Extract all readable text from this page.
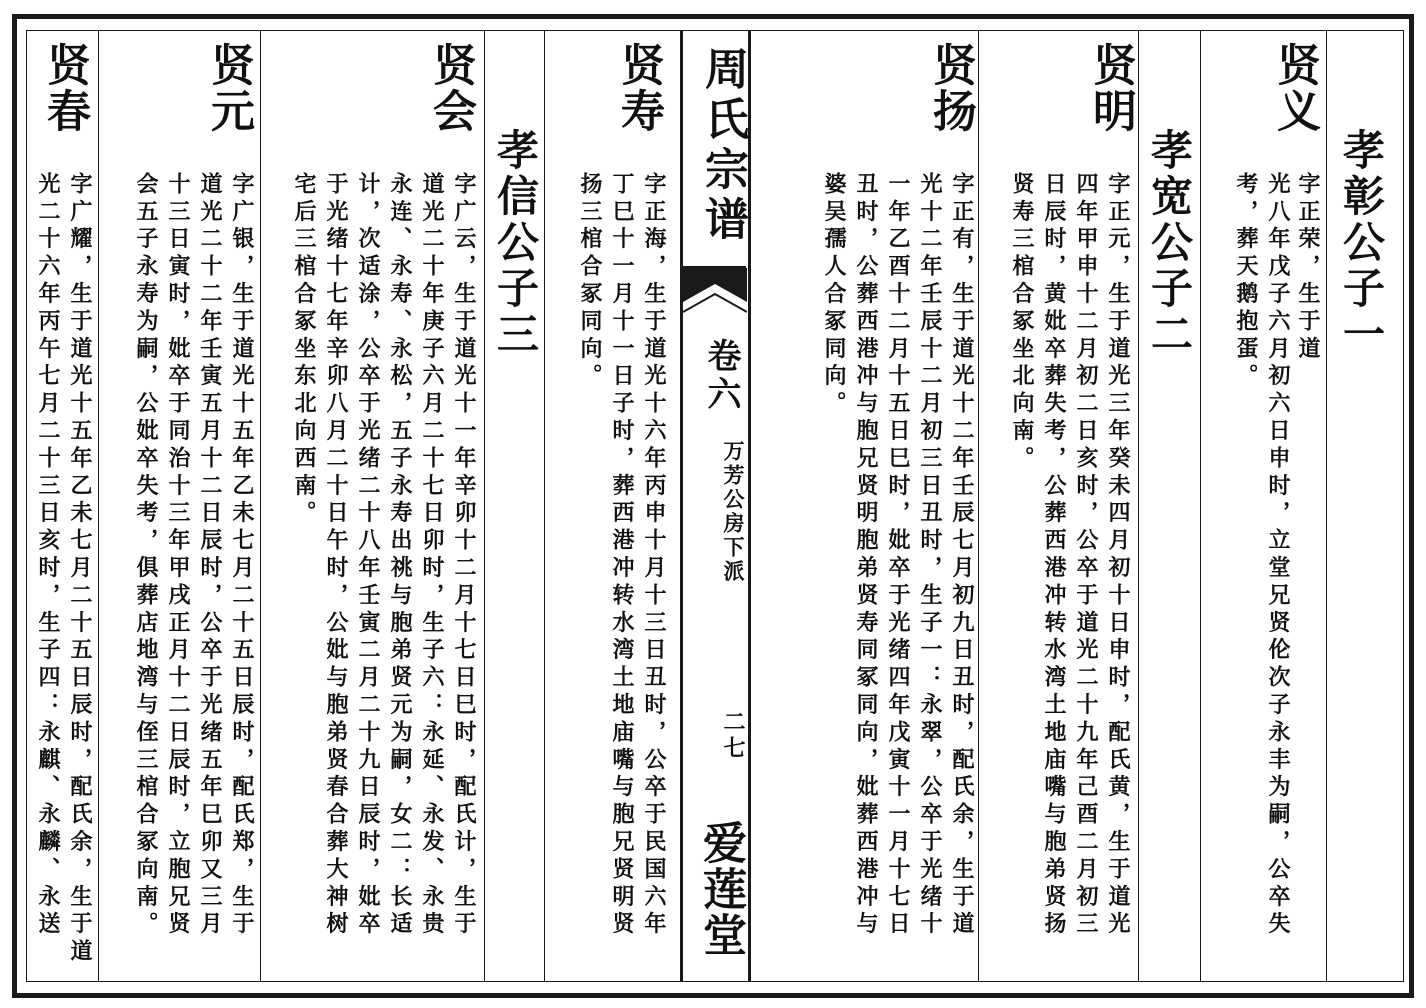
周氏宗谱
卷六
万芳公房下派
二七
爱莲堂
孝彰公子一
贤义
字正荣，生于道
光八年戊子六月初六日申时，立堂兄贤伦次子永丰为嗣，公卒失
考，葬天鹅抱蛋。
孝宽公子二
贤明
字正元，生于道光三年癸未四月初十日申时，配氏黄，生于道光
四年甲申十二月初二日亥时，公卒于道光二十九年己酉二月初三
日辰时，黄妣卒葬失考，公葬西港冲转水湾土地庙嘴与胞弟贤扬
贤寿三棺合冢坐北向南。
贤扬
字正有，生于道光十二年壬辰七月初九日丑时，配氏余，生于道
光十二年壬辰十二月初三日丑时，生子一：永翠，公卒于光绪十
一年乙酉十二月十五日巳时，妣卒于光绪四年戊寅十一月十七日
丑时，公葬西港冲与胞兄贤明胞弟贤寿同冢同向，妣葬西港冲与
婆吴孺人合冢同向。
贤寿
字正海，生于道光十六年丙申十月十三日丑时，公卒于民国六年
丁巳十一月十一日子时，葬西港冲转水湾土地庙嘴与胞兄贤明贤
扬三棺合冢同向。
孝信公子三
贤会
字广云，生于道光十一年辛卯十二月十七日巳时，配氏计，生于
道光二十年庚子六月二十七日卯时，生子六：永延、永发、永贵
永连、永寿、永松，五子永寿出祧与胞弟贤元为嗣，女二：长适
计，次适涂，公卒于光绪二十八年壬寅二月二十九日辰时，妣卒
于光绪十七年辛卯八月二十日午时，公妣与胞弟贤春合葬大神树
宅后三棺合冢坐东北向西南。
贤元
字广银，生于道光十五年乙未七月二十五日辰时，配氏郑，生于
道光二十二年壬寅五月十二日辰时，公卒于光绪五年巳卯又三月
十三日寅时，妣卒于同治十三年甲戌正月十二日辰时，立胞兄贤
会五子永寿为嗣，公妣卒失考，俱葬店地湾与侄三棺合冢向南。
贤春
字广耀，生于道光十五年乙未七月二十五日辰时，配氏余，生于道
光二十六年丙午七月二十三日亥时，生子四：永麒、永麟、永送
